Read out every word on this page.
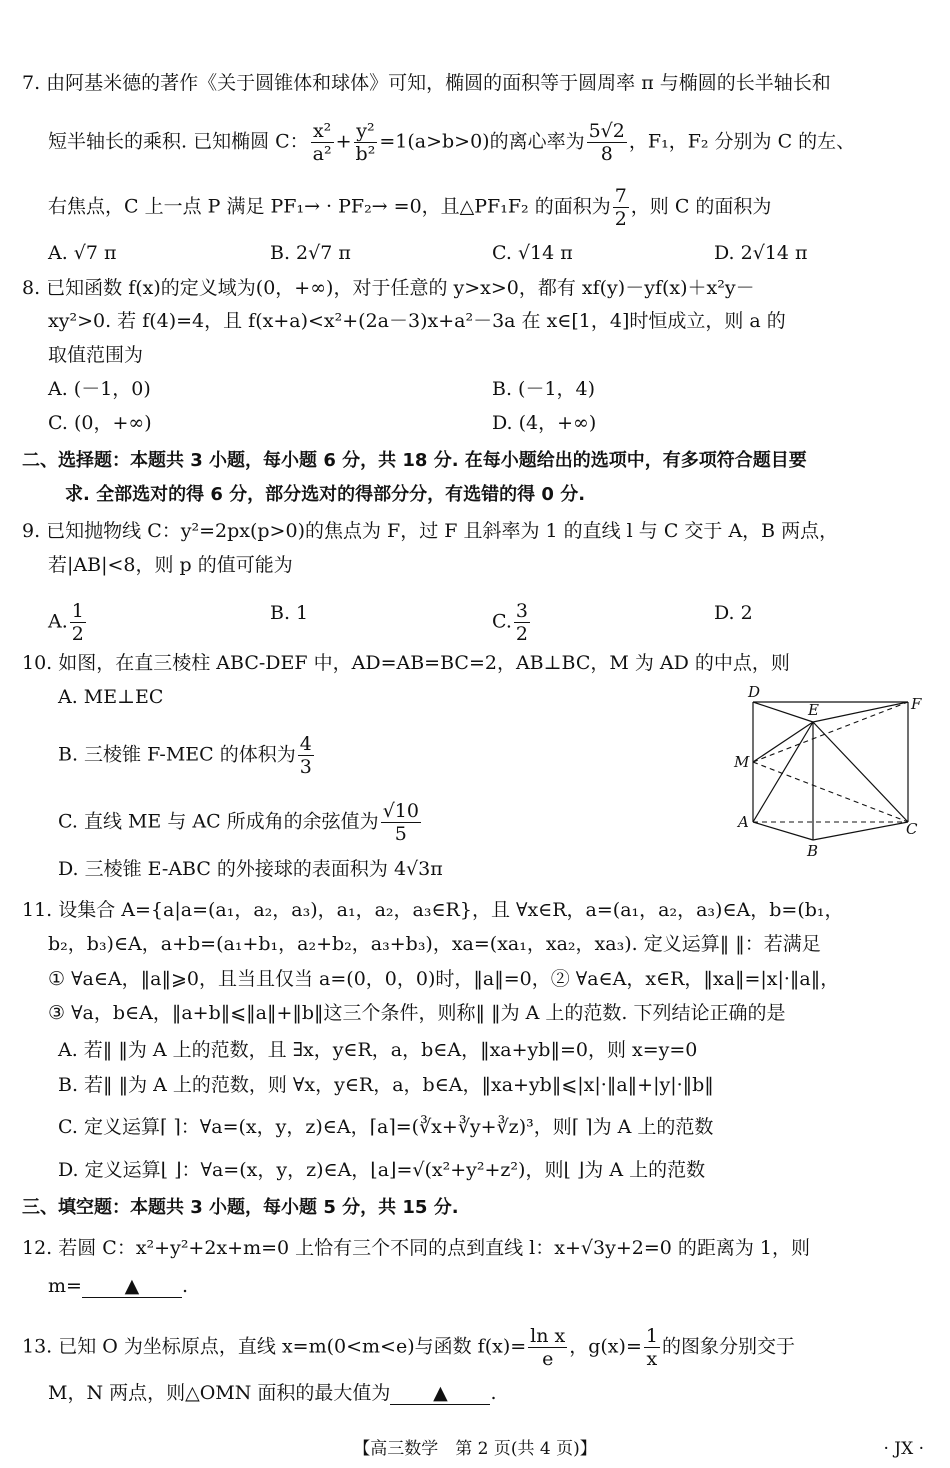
7. 由阿基米德的著作《关于圆锥体和球体》可知，椭圆的面积等于圆周率 π 与椭圆的长半轴长和
短半轴长的乘积. 已知椭圆 C： $\frac{\text{x²}}{\text{a²}} + \frac{\text{y²}}{\text{b²}} =1(a>b>0)$的离心率为 $\frac{5√2}{8}$ ，F₁，F₂ 分别为 C 的左、
右焦点，C 上一点 P 满足 PF₁→ · PF₂→ =0，且△PF₁F₂ 的面积为 $\frac{7}{2}$ ，则 C 的面积为
A. √7 π	B. 2√7 π	C. √14 π	D. 2√14 π
8. 已知函数 f(x)的定义域为(0，+∞)，对于任意的 y>x>0，都有 xf(y)－yf(x)＋x²y－
xy²>0. 若 f(4)=4，且 f(x+a)<x²+(2a－3)x+a²－3a 在 x∈[1，4]时恒成立，则 a 的
取值范围为
A. (－1，0)	B. (－1，4)
C. (0，+∞)	D. (4，+∞)
二、选择题：本题共 3 小题，每小题 6 分，共 18 分. 在每小题给出的选项中，有多项符合题目要
求. 全部选对的得 6 分，部分选对的得部分分，有选错的得 0 分.
9. 已知抛物线 C：y²=2px(p>0)的焦点为 F，过 F 且斜率为 1 的直线 l 与 C 交于 A，B 两点，
若|AB|<8，则 p 的值可能为
A. $\frac{1}{2}$	B. 1	C. $\frac{3}{2}$	D. 2
10. 如图，在直三棱柱 ABC-DEF 中，AD=AB=BC=2，AB⊥BC，M 为 AD 的中点，则
A. ME⊥EC
B. 三棱锥 F-MEC 的体积为 $\frac{4}{3}$
C. 直线 ME 与 AC 所成角的余弦值为 $\frac{√10}{5}$
D. 三棱锥 E-ABC 的外接球的表面积为 4√3π
D
E	F
M
A	C
B
11. 设集合 A={a|a=(a₁，a₂，a₃)，a₁，a₂，a₃∈R}，且 ∀x∈R，a=(a₁，a₂，a₃)∈A，b=(b₁，
b₂，b₃)∈A，a+b=(a₁+b₁，a₂+b₂，a₃+b₃)，xa=(xa₁，xa₂，xa₃). 定义运算‖ ‖：若满足
① ∀a∈A，‖a‖⩾0，且当且仅当 a=(0，0，0)时，‖a‖=0，② ∀a∈A，x∈R，‖xa‖=|x|·‖a‖，
③ ∀a，b∈A，‖a+b‖⩽‖a‖+‖b‖这三个条件，则称‖ ‖为 A 上的范数. 下列结论正确的是
A. 若‖ ‖为 A 上的范数，且 ∃x，y∈R，a，b∈A，‖xa+yb‖=0，则 x=y=0
B. 若‖ ‖为 A 上的范数，则 ∀x，y∈R，a，b∈A，‖xa+yb‖⩽|x|·‖a‖+|y|·‖b‖
C. 定义运算⌈ ⌉：∀a=(x，y，z)∈A，⌈a⌉=(∛x+∛y+∛z)³，则⌈ ⌉为 A 上的范数
D. 定义运算⌊ ⌋：∀a=(x，y，z)∈A，⌊a⌋=√(x²+y²+z²)，则⌊ ⌋为 A 上的范数
三、填空题：本题共 3 小题，每小题 5 分，共 15 分.
12. 若圆 C：x²+y²+2x+m=0 上恰有三个不同的点到直线 l：x+√3y+2=0 的距离为 1，则
m= ▲ .
13. 已知 O 为坐标原点，直线 x=m(0<m<e)与函数 $f(x)= \frac{\text{ln x}}{e}$ ，$g(x)= \frac{1}{x}$ 的图象分别交于
M，N 两点，则△OMN 面积的最大值为 ▲ .
【高三数学　第 2 页(共 4 页)】	· JX ·
